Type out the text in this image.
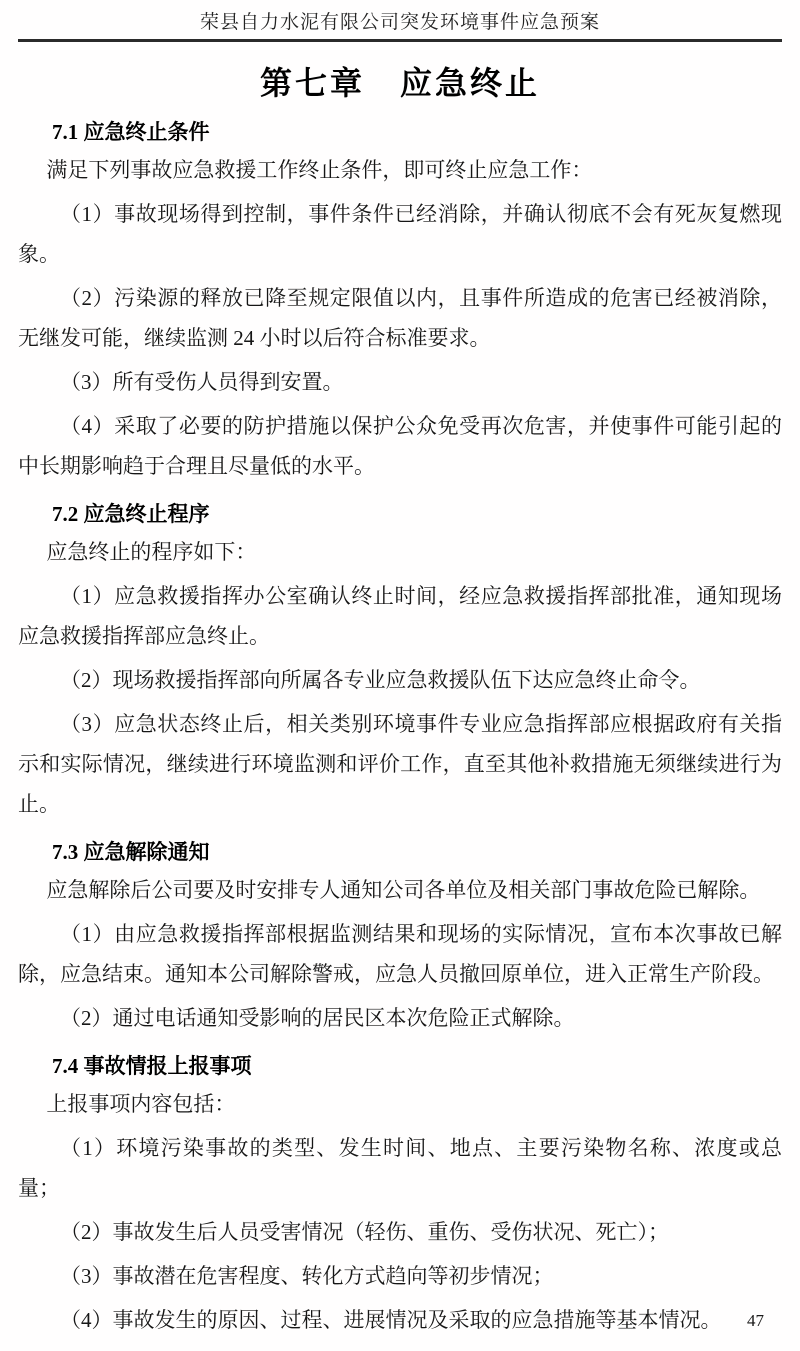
荣县自力水泥有限公司突发环境事件应急预案
第七章　应急终止
7.1 应急终止条件

满足下列事故应急救援工作终止条件，即可终止应急工作：

（1）事故现场得到控制，事件条件已经消除，并确认彻底不会有死灰复燃现象。

（2）污染源的释放已降至规定限值以内，且事件所造成的危害已经被消除，无继发可能，继续监测 24 小时以后符合标准要求。

（3）所有受伤人员得到安置。

（4）采取了必要的防护措施以保护公众免受再次危害，并使事件可能引起的中长期影响趋于合理且尽量低的水平。

7.2 应急终止程序

应急终止的程序如下：

（1）应急救援指挥办公室确认终止时间，经应急救援指挥部批准，通知现场应急救援指挥部应急终止。

（2）现场救援指挥部向所属各专业应急救援队伍下达应急终止命令。

（3）应急状态终止后，相关类别环境事件专业应急指挥部应根据政府有关指示和实际情况，继续进行环境监测和评价工作，直至其他补救措施无须继续进行为止。

7.3 应急解除通知

应急解除后公司要及时安排专人通知公司各单位及相关部门事故危险已解除。

（1）由应急救援指挥部根据监测结果和现场的实际情况，宣布本次事故已解除，应急结束。通知本公司解除警戒，应急人员撤回原单位，进入正常生产阶段。

（2）通过电话通知受影响的居民区本次危险正式解除。

7.4 事故情报上报事项

上报事项内容包括：

（1）环境污染事故的类型、发生时间、地点、主要污染物名称、浓度或总量；

（2）事故发生后人员受害情况（轻伤、重伤、受伤状况、死亡）；

（3）事故潜在危害程度、转化方式趋向等初步情况；

（4）事故发生的原因、过程、进展情况及采取的应急措施等基本情况。	47
